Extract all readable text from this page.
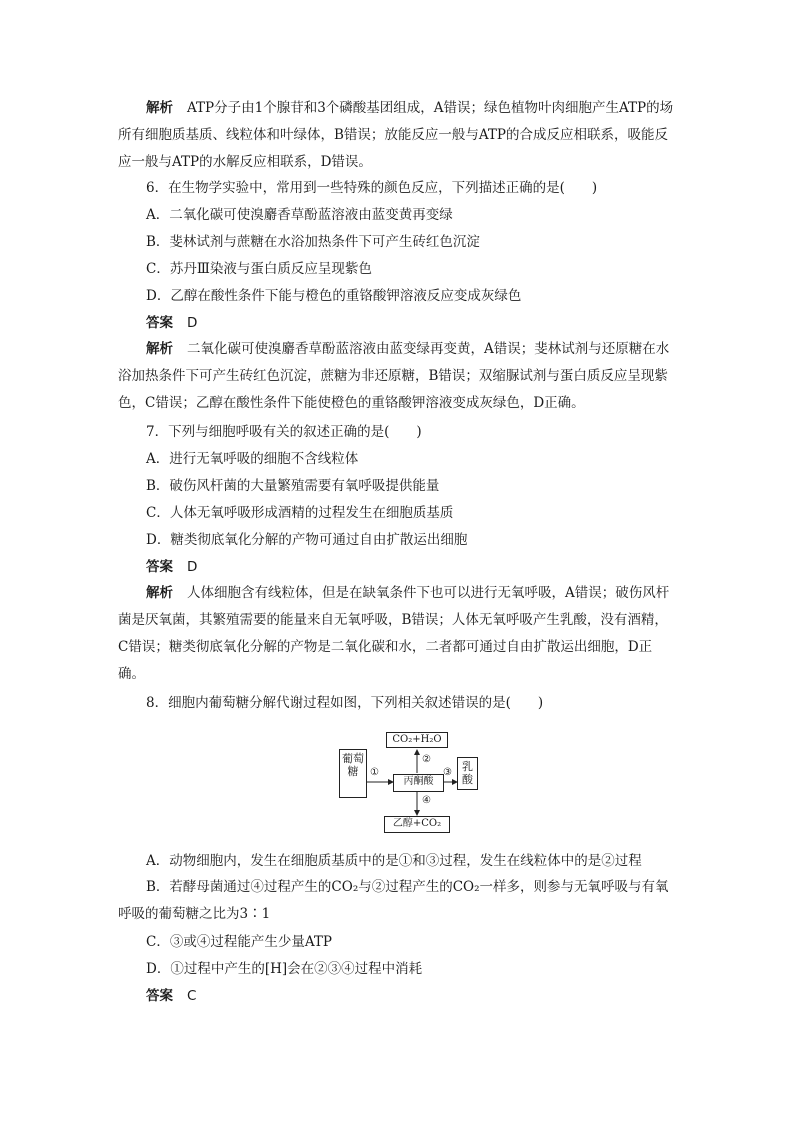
解析 ATP分子由1个腺苷和3个磷酸基团组成，A错误；绿色植物叶肉细胞产生ATP的场所有细胞质基质、线粒体和叶绿体，B错误；放能反应一般与ATP的合成反应相联系，吸能反应一般与ATP的水解反应相联系，D错误。

6．在生物学实验中，常用到一些特殊的颜色反应，下列描述正确的是(　　)

A．二氧化碳可使溴麝香草酚蓝溶液由蓝变黄再变绿

B．斐林试剂与蔗糖在水浴加热条件下可产生砖红色沉淀

C．苏丹Ⅲ染液与蛋白质反应呈现紫色

D．乙醇在酸性条件下能与橙色的重铬酸钾溶液反应变成灰绿色

答案 D

解析 二氧化碳可使溴麝香草酚蓝溶液由蓝变绿再变黄，A错误；斐林试剂与还原糖在水浴加热条件下可产生砖红色沉淀，蔗糖为非还原糖，B错误；双缩脲试剂与蛋白质反应呈现紫色，C错误；乙醇在酸性条件下能使橙色的重铬酸钾溶液变成灰绿色，D正确。

7．下列与细胞呼吸有关的叙述正确的是(　　)

A．进行无氧呼吸的细胞不含线粒体

B．破伤风杆菌的大量繁殖需要有氧呼吸提供能量

C．人体无氧呼吸形成酒精的过程发生在细胞质基质

D．糖类彻底氧化分解的产物可通过自由扩散运出细胞

答案 D

解析 人体细胞含有线粒体，但是在缺氧条件下也可以进行无氧呼吸，A错误；破伤风杆菌是厌氧菌，其繁殖需要的能量来自无氧呼吸，B错误；人体无氧呼吸产生乳酸，没有酒精，C错误；糖类彻底氧化分解的产物是二氧化碳和水，二者都可通过自由扩散运出细胞，D正确。

8．细胞内葡萄糖分解代谢过程如图，下列相关叙述错误的是(　　)

CO₂+H₂O
葡萄糖
丙酮酸
乳酸
乙醇+CO₂
①
②
③
④

A．动物细胞内，发生在细胞质基质中的是①和③过程，发生在线粒体中的是②过程

B．若酵母菌通过④过程产生的CO₂与②过程产生的CO₂一样多，则参与无氧呼吸与有氧呼吸的葡萄糖之比为3∶1

C．③或④过程能产生少量ATP

D．①过程中产生的[H]会在②③④过程中消耗

答案 C
